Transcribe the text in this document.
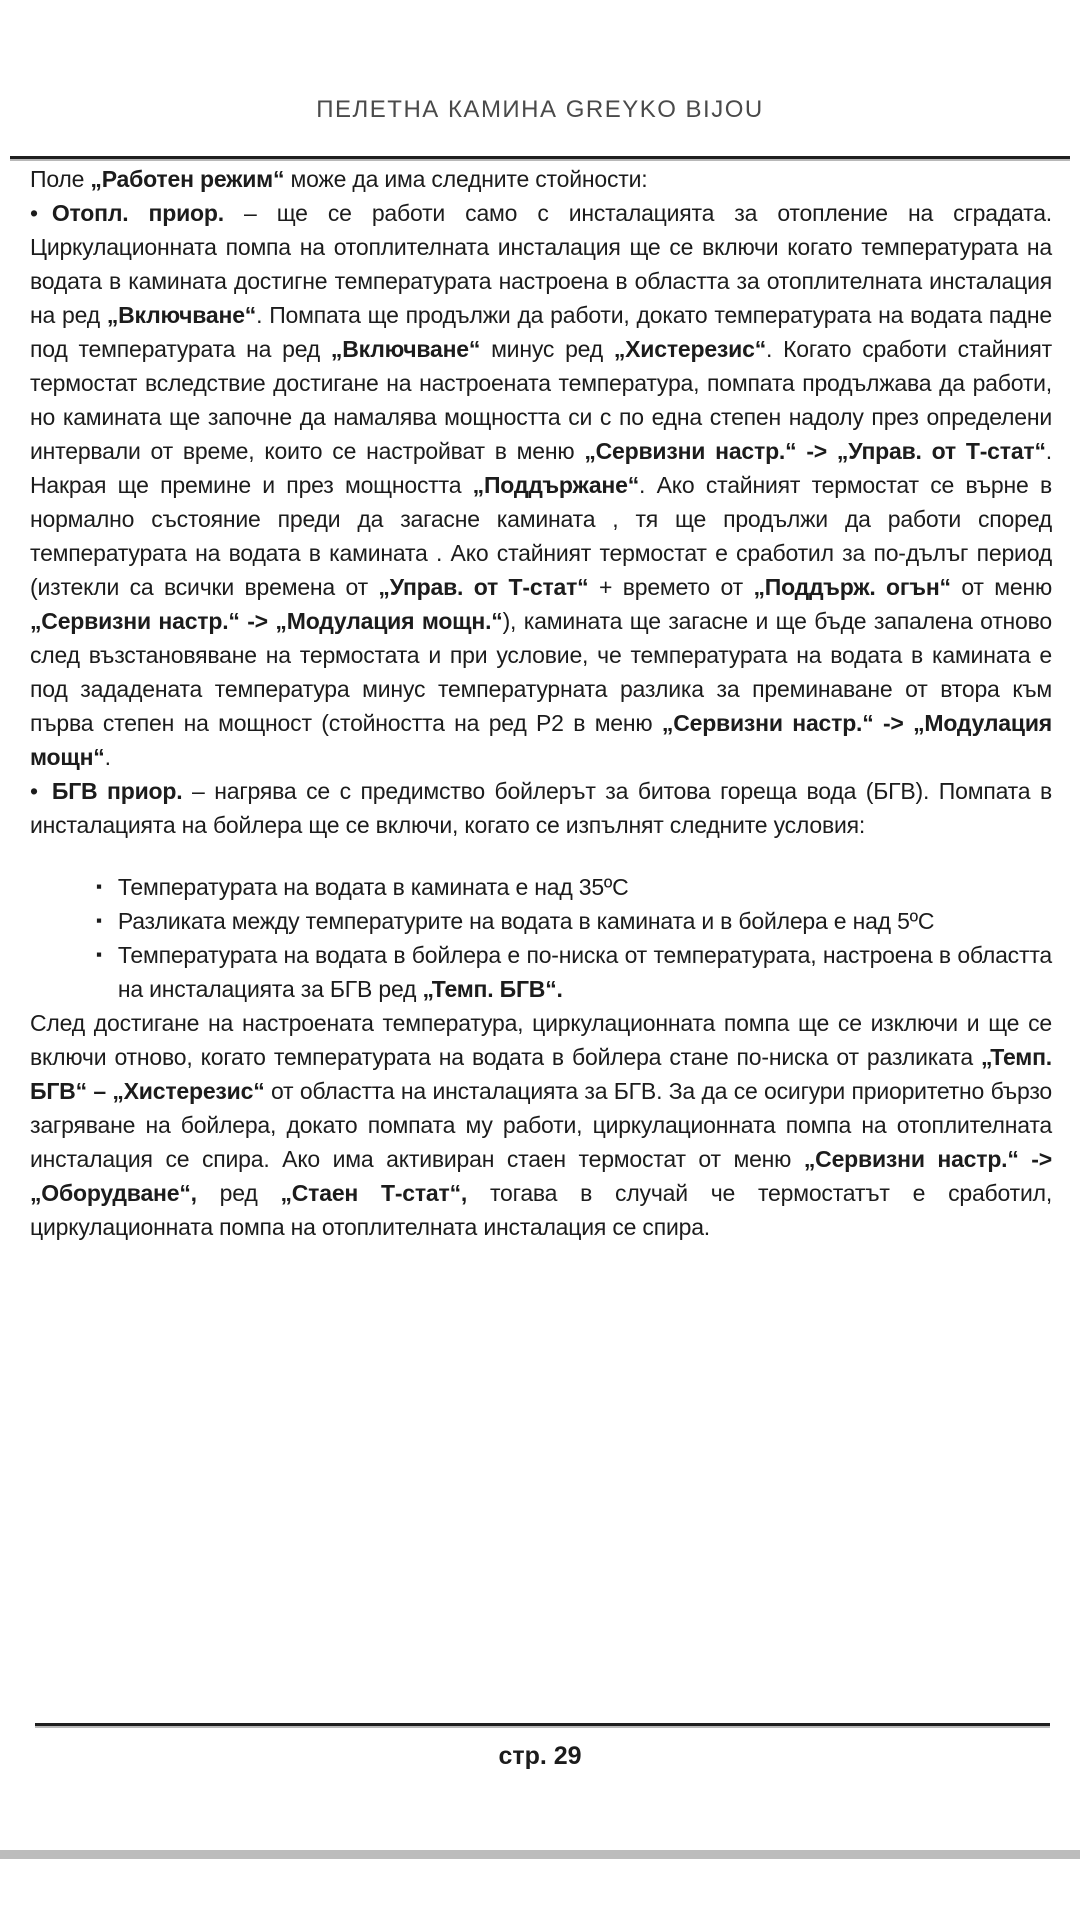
ПЕЛЕТНА КАМИНА GREYKO BIJOU

Поле „Работен режим“ може да има следните стойности:

• Отопл. приор. – ще се работи само с инсталацията за отопление на сградата. Циркулационната помпа на отоплителната инсталация ще се включи когато температурата на водата в камината достигне температурата настроена в областта за отоплителната инсталация на ред „Включване“. Помпата ще продължи да работи, докато температурата на водата падне под температурата на ред „Включване“ минус ред „Хистерезис“. Когато сработи стайният термостат вследствие достигане на настроената температура, помпата продължава да работи, но камината ще започне да намалява мощността си с по една степен надолу през определени интервали от време, които се настройват в меню „Сервизни настр.“ -> „Управ. от Т-стат“. Накрая ще премине и през мощността „Поддържане“. Ако стайният термостат се върне в нормално състояние преди да загасне камината , тя ще продължи да работи според температурата на водата в камината . Ако стайният термостат е сработил за по-дълъг период (изтекли са всички времена от „Управ. от Т-стат“ + времето от „Поддърж. огън“ от меню „Сервизни настр.“ -> „Модулация мощн.“), камината ще загасне и ще бъде запалена отново след възстановяване на термостата и при условие, че температурата на водата в камината е под зададената температура минус температурната разлика за преминаване от втора към първа степен на мощност (стойността на ред P2 в меню „Сервизни настр.“ -> „Модулация мощн“.

• БГВ приор. – нагрява се с предимство бойлерът за битова гореща вода (БГВ). Помпата в инсталацията на бойлера ще се включи, когато се изпълнят следните условия:

▪ Температурата на водата в камината е над 35ºС
▪ Разликата между температурите на водата в камината и в бойлера е над 5ºС
▪ Температурата на водата в бойлера е по-ниска от температурата, настроена в областта на инсталацията за БГВ ред „Темп. БГВ“.

След достигане на настроената температура, циркулационната помпа ще се изключи и ще се включи отново, когато температурата на водата в бойлера стане по-ниска от разликата „Темп. БГВ“ – „Хистерезис“ от областта на инсталацията за БГВ. За да се осигури приоритетно бързо загряване на бойлера, докато помпата му работи, циркулационната помпа на отоплителната инсталация се спира. Ако има активиран стаен термостат от меню „Сервизни настр.“ -> „Оборудване“, ред „Стаен Т-стат“, тогава в случай че термостатът е сработил, циркулационната помпа на отоплителната инсталация се спира.

стр. 29
